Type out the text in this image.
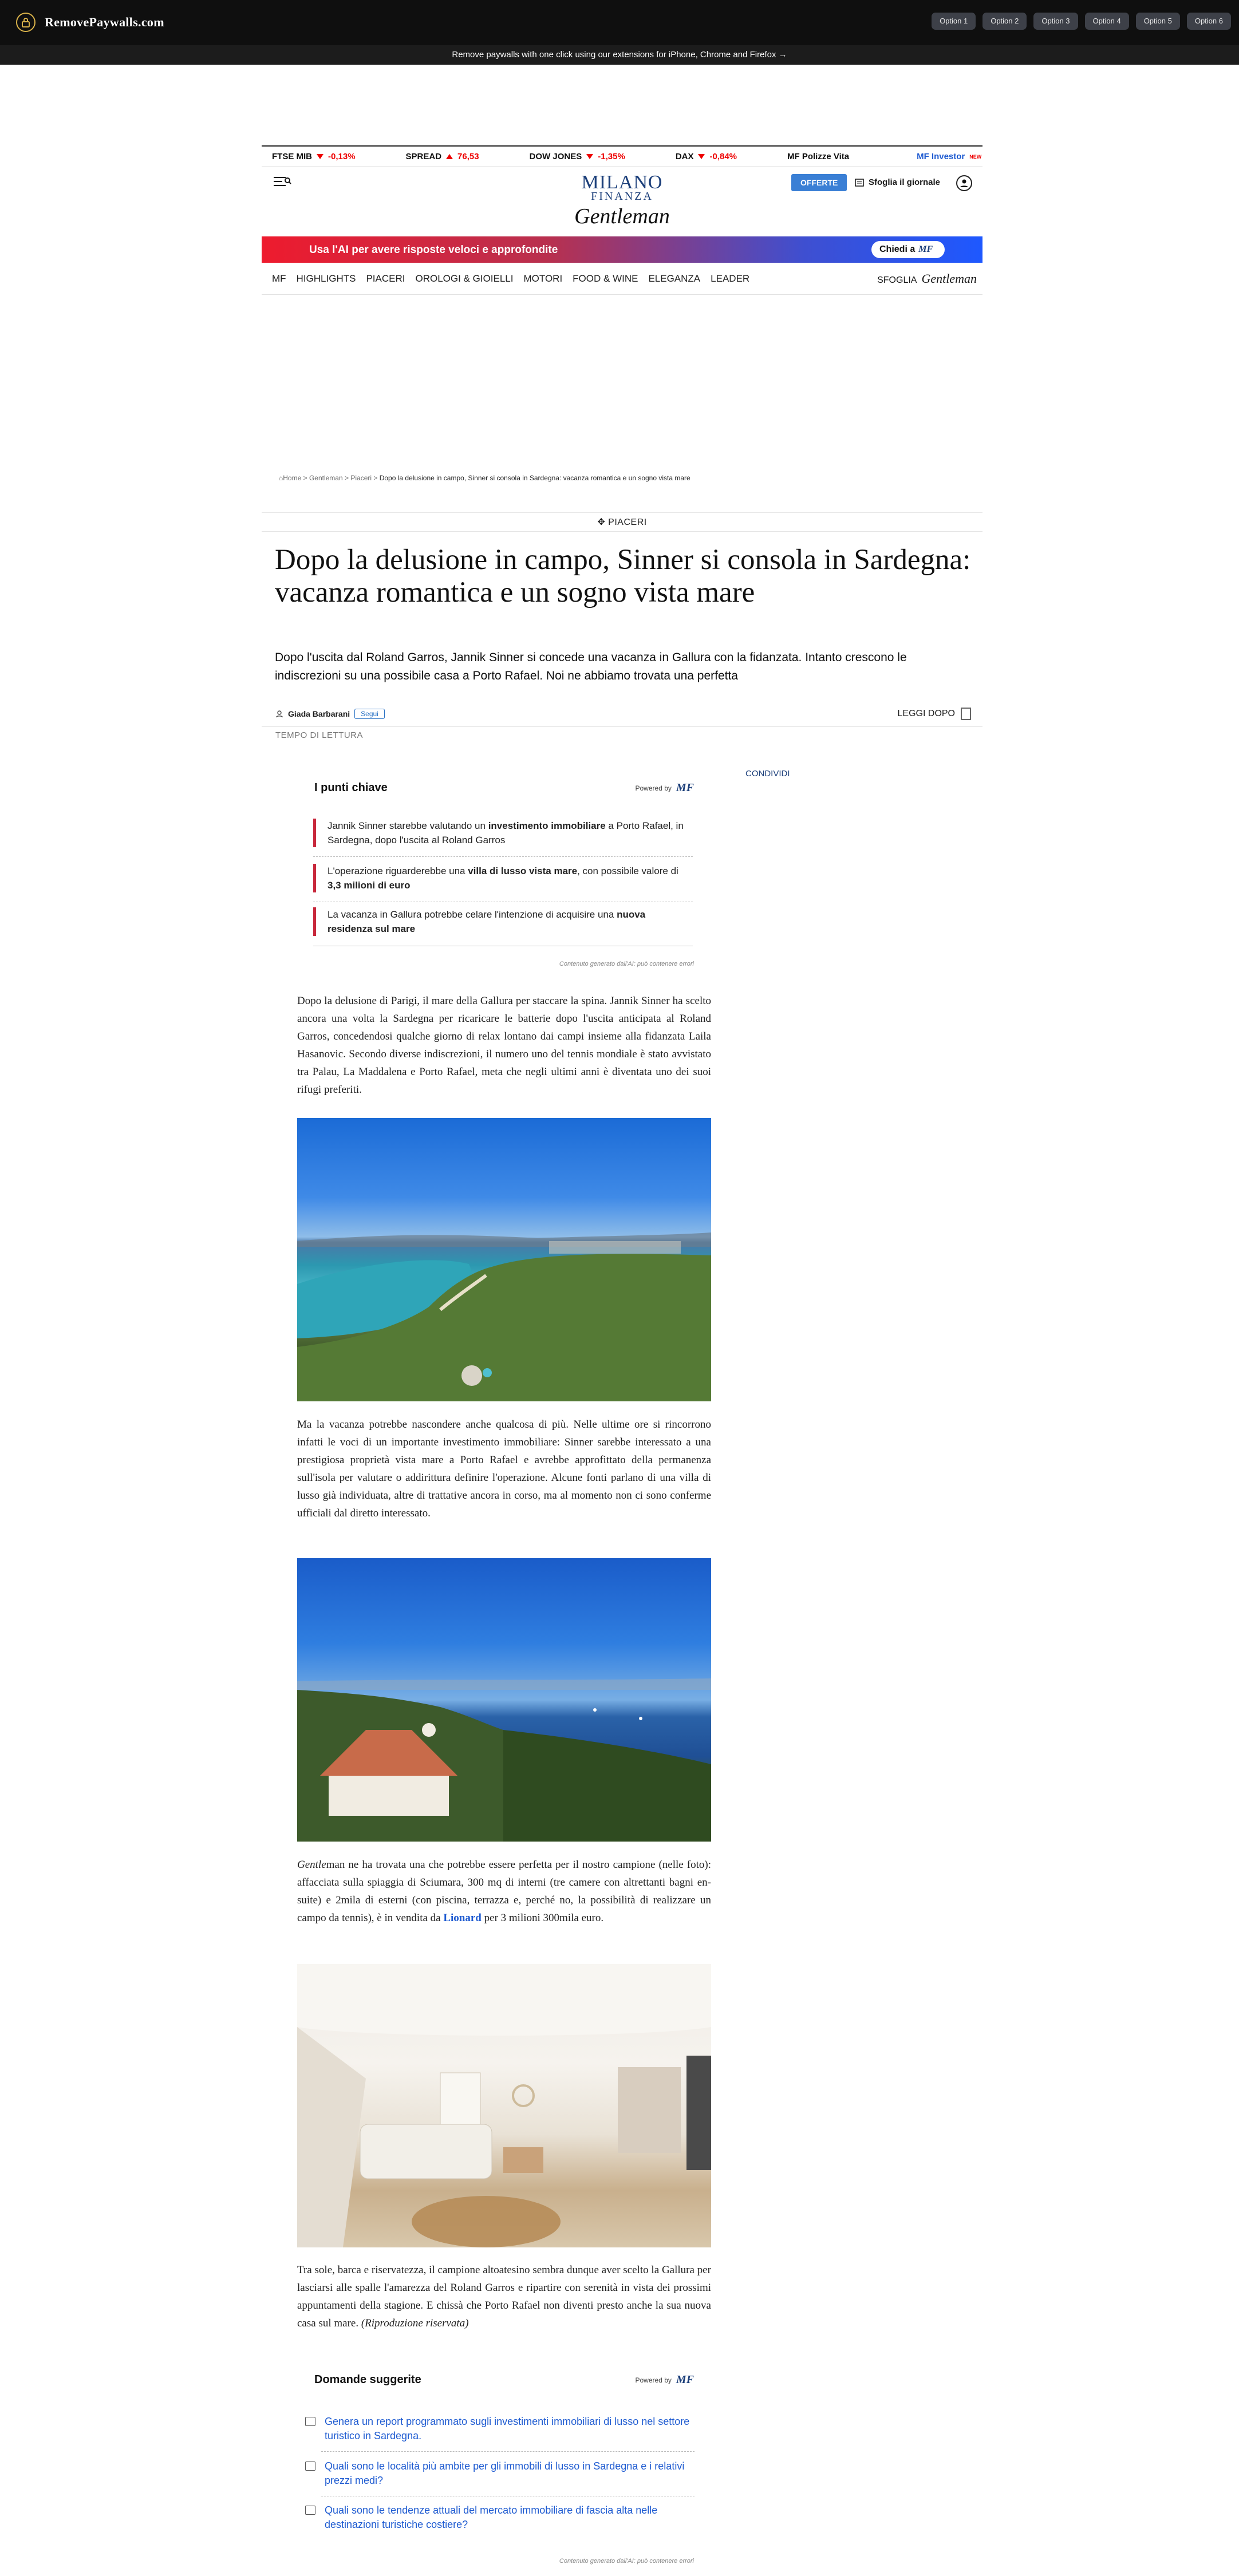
RemovePaywalls.com	Option 1	Option 2	Option 3	Option 4	Option 5	Option 6
Remove paywalls with one click using our extensions for iPhone, Chrome and Firefox →
FTSE MIB -0,13%	SPREAD 76,53	DOW JONES -1,35%	DAX -0,84%	MF Polizze Vita	MF Investor NEW
MILANO
FINANZA
Gentleman
OFFERTE	Sfoglia il giornale
Usa l'AI per avere risposte veloci e approfondite	Chiedi a MF
MF HIGHLIGHTS PIACERI OROLOGI & GIOIELLI MOTORI FOOD & WINE ELEGANZA LEADER	SFOGLIA Gentleman
⌂Home > Gentleman > Piaceri > Dopo la delusione in campo, Sinner si consola in Sardegna: vacanza romantica e un sogno vista mare
✥ PIACERI
Dopo la delusione in campo, Sinner si consola in Sardegna: vacanza romantica e un sogno vista mare

Dopo l'uscita dal Roland Garros, Jannik Sinner si concede una vacanza in Gallura con la fidanzata. Intanto crescono le indiscrezioni su una possibile casa a Porto Rafael. Noi ne abbiamo trovata una perfetta

Giada Barbarani	Segui	LEGGI DOPO
TEMPO DI LETTURA
CONDIVIDI
I punti chiave	Powered by MF
Jannik Sinner starebbe valutando un investimento immobiliare a Porto Rafael, in Sardegna, dopo l'uscita al Roland Garros
L'operazione riguarderebbe una villa di lusso vista mare, con possibile valore di 3,3 milioni di euro
La vacanza in Gallura potrebbe celare l'intenzione di acquisire una nuova residenza sul mare
Contenuto generato dall'AI: può contenere errori

Dopo la delusione di Parigi, il mare della Gallura per staccare la spina. Jannik Sinner ha scelto ancora una volta la Sardegna per ricaricare le batterie dopo l'uscita anticipata al Roland Garros, concedendosi qualche giorno di relax lontano dai campi insieme alla fidanzata Laila Hasanovic. Secondo diverse indiscrezioni, il numero uno del tennis mondiale è stato avvistato tra Palau, La Maddalena e Porto Rafael, meta che negli ultimi anni è diventata uno dei suoi rifugi preferiti.

Ma la vacanza potrebbe nascondere anche qualcosa di più. Nelle ultime ore si rincorrono infatti le voci di un importante investimento immobiliare: Sinner sarebbe interessato a una prestigiosa proprietà vista mare a Porto Rafael e avrebbe approfittato della permanenza sull'isola per valutare o addirittura definire l'operazione. Alcune fonti parlano di una villa di lusso già individuata, altre di trattative ancora in corso, ma al momento non ci sono conferme ufficiali dal diretto interessato.

Gentleman ne ha trovata una che potrebbe essere perfetta per il nostro campione (nelle foto): affacciata sulla spiaggia di Sciumara, 300 mq di interni (tre camere con altrettanti bagni en-suite) e 2mila di esterni (con piscina, terrazza e, perché no, la possibilità di realizzare un campo da tennis), è in vendita da Lionard per 3 milioni 300mila euro.

Tra sole, barca e riservatezza, il campione altoatesino sembra dunque aver scelto la Gallura per lasciarsi alle spalle l'amarezza del Roland Garros e ripartire con serenità in vista dei prossimi appuntamenti della stagione. E chissà che Porto Rafael non diventi presto anche la sua nuova casa sul mare. (Riproduzione riservata)

Domande suggerite	Powered by MF
Genera un report programmato sugli investimenti immobiliari di lusso nel settore turistico in Sardegna.
Quali sono le località più ambite per gli immobili di lusso in Sardegna e i relativi prezzi medi?
Quali sono le tendenze attuali del mercato immobiliare di fascia alta nelle destinazioni turistiche costiere?
Contenuto generato dall'AI: può contenere errori
